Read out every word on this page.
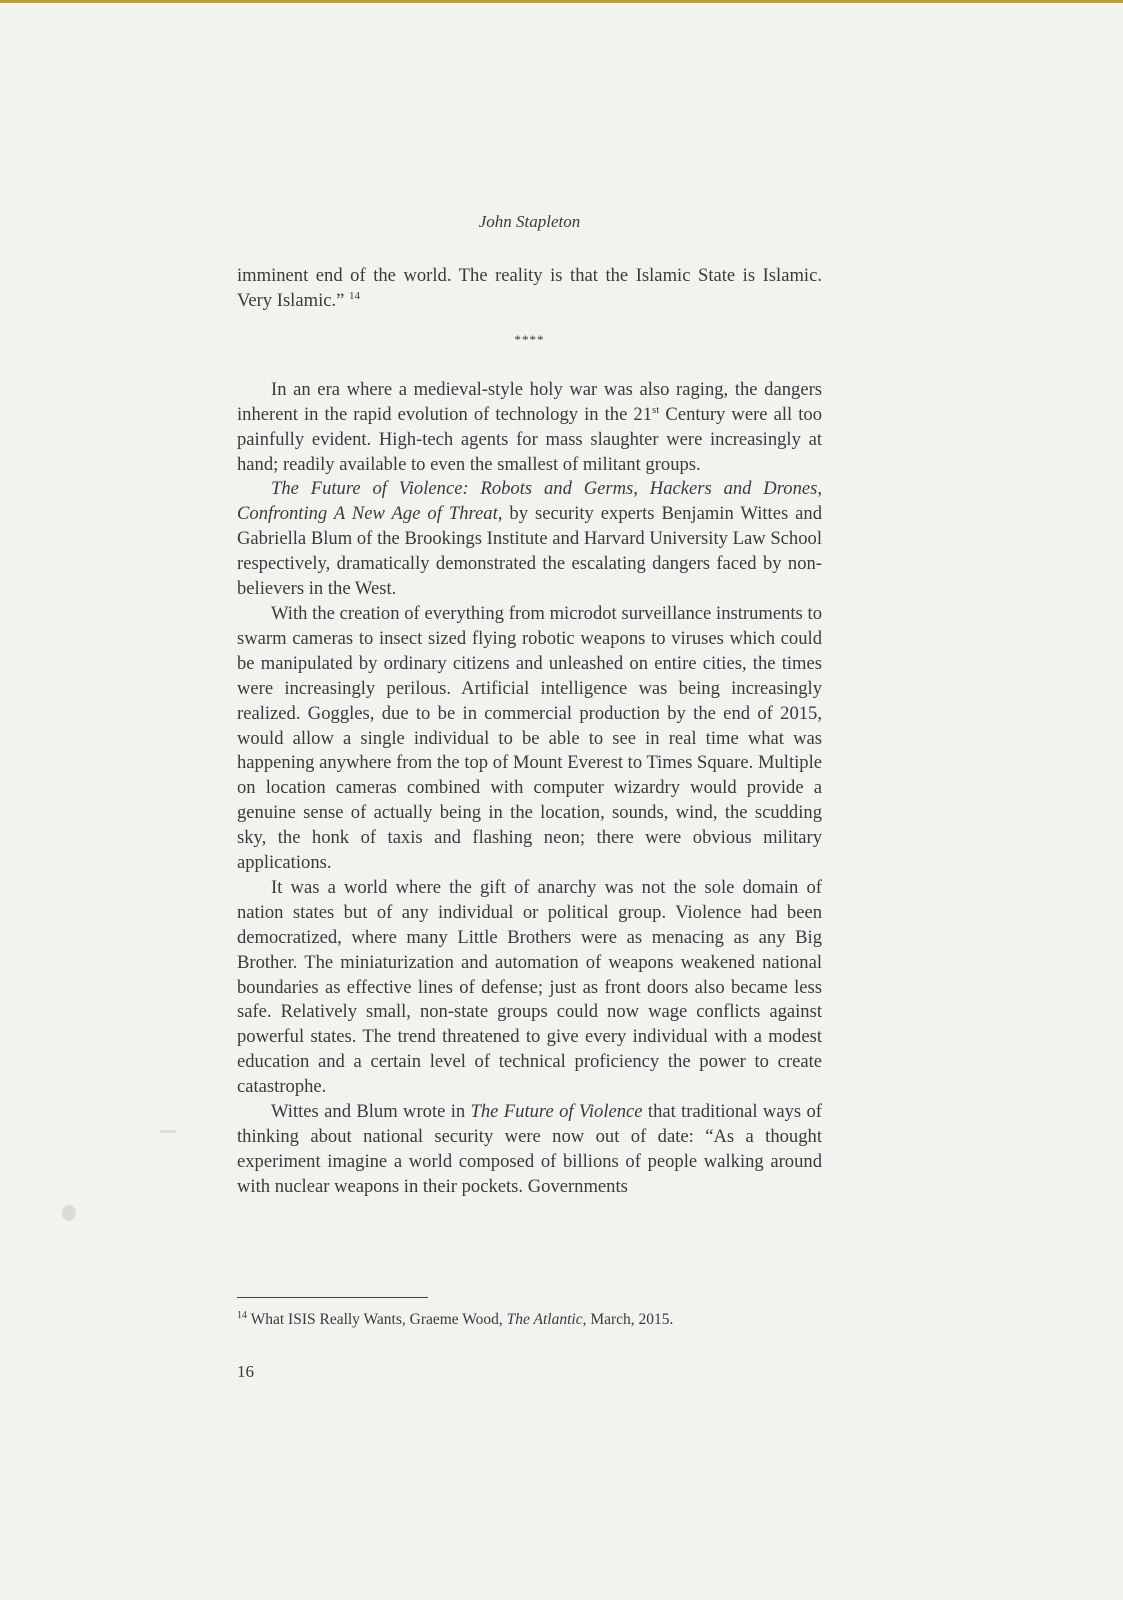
John Stapleton

imminent end of the world. The reality is that the Islamic State is Islamic. Very Islamic.” $^{14}$

****

In an era where a medieval-style holy war was also raging, the dangers inherent in the rapid evolution of technology in the 21st Century were all too painfully evident. High-tech agents for mass slaughter were increasingly at hand; readily available to even the smallest of militant groups.

The Future of Violence: Robots and Germs, Hackers and Drones, Confronting A New Age of Threat, by security experts Benjamin Wittes and Gabriella Blum of the Brookings Institute and Harvard University Law School respectively, dramatically demonstrated the escalating dangers faced by non-believers in the West.

With the creation of everything from microdot surveillance instruments to swarm cameras to insect sized flying robotic weapons to viruses which could be manipulated by ordinary citizens and unleashed on entire cities, the times were increasingly perilous. Artificial intelligence was being increasingly realized. Goggles, due to be in commercial production by the end of 2015, would allow a single individual to be able to see in real time what was happening anywhere from the top of Mount Everest to Times Square. Multiple on location cameras combined with computer wizardry would provide a genuine sense of actually being in the location, sounds, wind, the scudding sky, the honk of taxis and flashing neon; there were obvious military applications.

It was a world where the gift of anarchy was not the sole domain of nation states but of any individual or political group. Violence had been democratized, where many Little Brothers were as menacing as any Big Brother. The miniaturization and automation of weapons weakened national boundaries as effective lines of defense; just as front doors also became less safe. Relatively small, non-state groups could now wage conflicts against powerful states. The trend threatened to give every individual with a modest education and a certain level of technical proficiency the power to create catastrophe.

Wittes and Blum wrote in The Future of Violence that traditional ways of thinking about national security were now out of date: “As a thought experiment imagine a world composed of billions of people walking around with nuclear weapons in their pockets. Governments

$^{14}$ What ISIS Really Wants, Graeme Wood, The Atlantic, March, 2015.
16
